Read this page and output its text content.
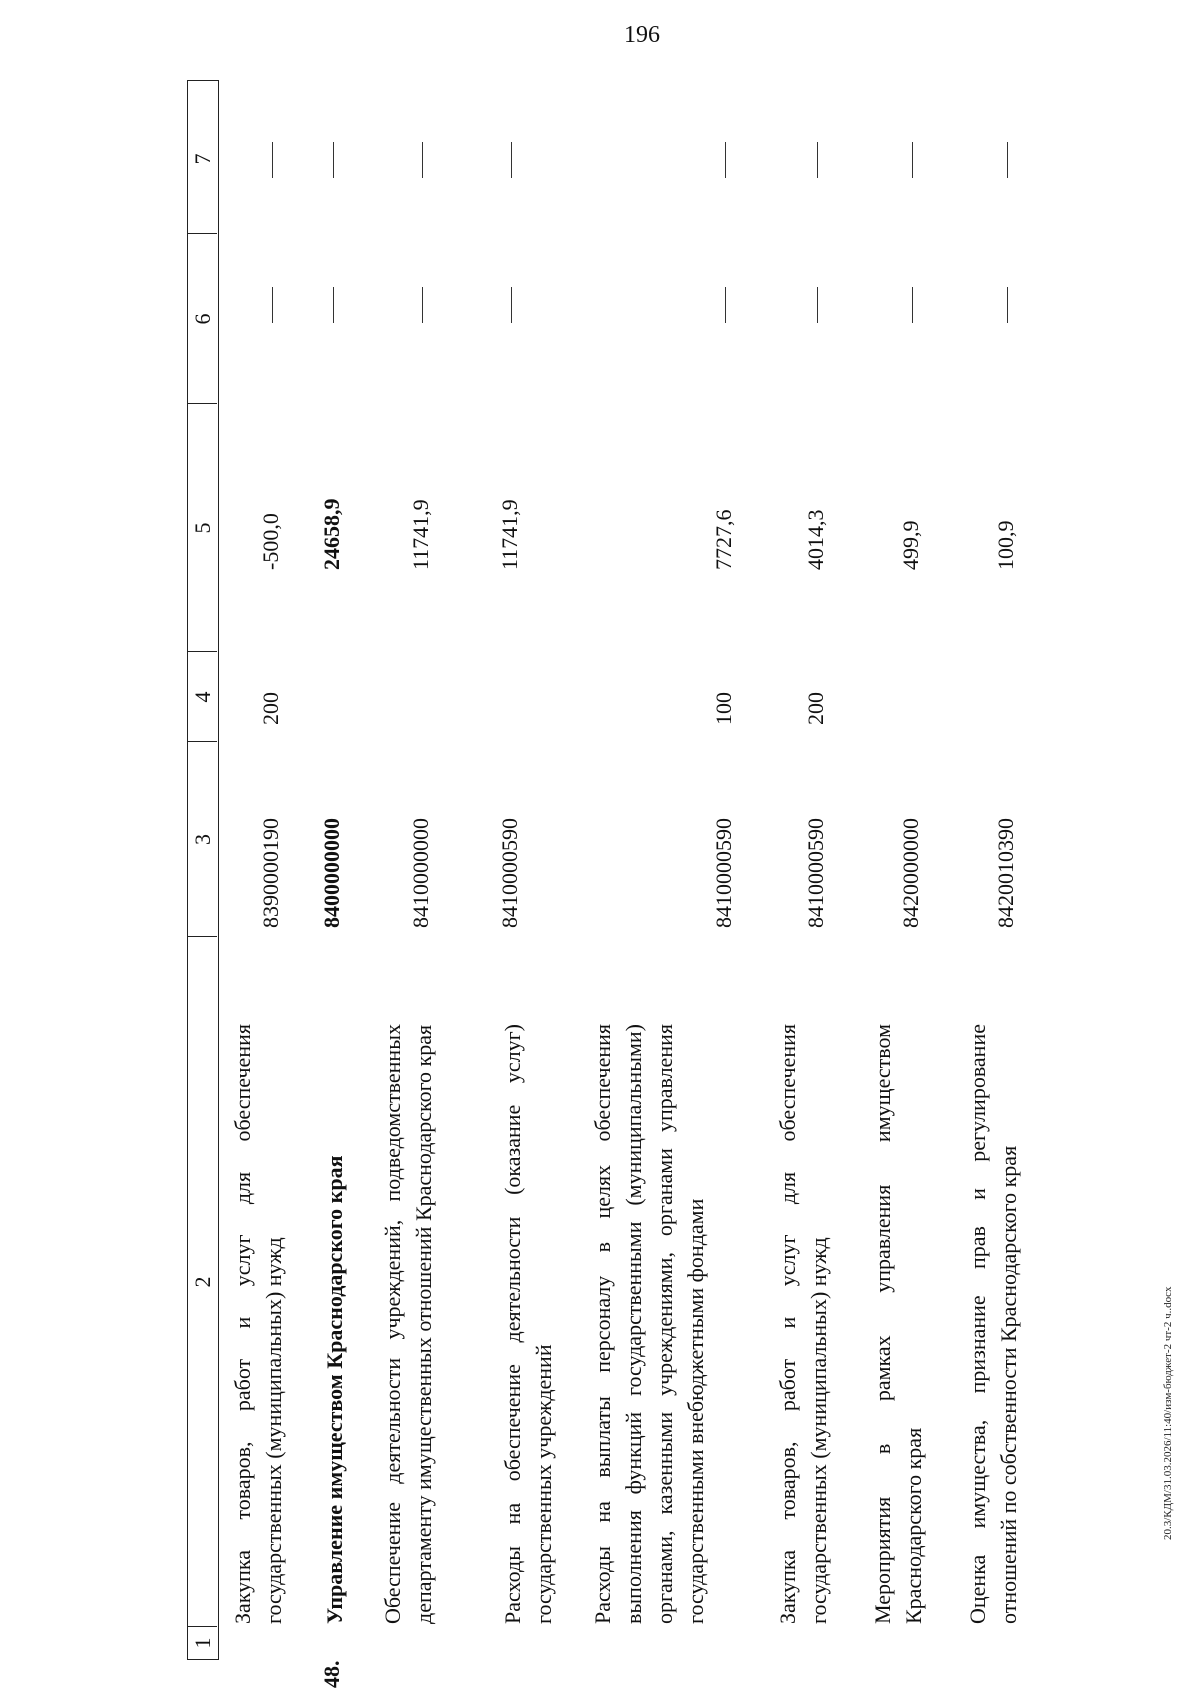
196
20.3/КДМ/31.03.2026/11:40/изм-бюджет-2 чт-2 ч..docx
1
2
3
4
5
6
7
Закупка товаров, работ и услуг для обеспечения государственных (муниципальных) нужд
8390000190
200
-500,0
48.
Управление имуществом Краснодарского края
8400000000
24658,9
Обеспечение деятельности учреждений, подведомственных департаменту имущественных отношений Краснодарского края
8410000000
11741,9
Расходы на обеспечение деятельности (оказание услуг) государственных учреждений
8410000590
11741,9
Расходы на выплаты персоналу в целях обеспечения выполнения функций государственными (муниципальными) органами, казенными учреждениями, органами управления государственными внебюджетными фондами
8410000590
100
7727,6
Закупка товаров, работ и услуг для обеспечения государственных (муниципальных) нужд
8410000590
200
4014,3
Мероприятия в рамках управления имуществом Краснодарского края
8420000000
499,9
Оценка имущества, признание прав и регулирование отношений по собственности Краснодарского края
8420010390
100,9
